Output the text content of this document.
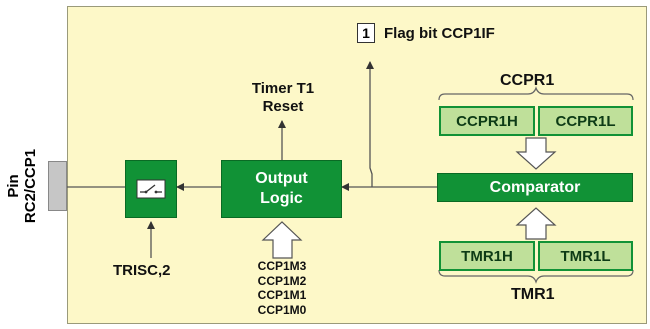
Pin RC2/CCP1	Output
Logic
Comparator
CCPR1
CCPR1H	CCPR1L
TMR1H	TMR1L
TMR1
1 Flag bit CCP1IF
Timer T1
Reset
TRISC,2	CCP1M3
CCP1M2
CCP1M1
CCP1M0
